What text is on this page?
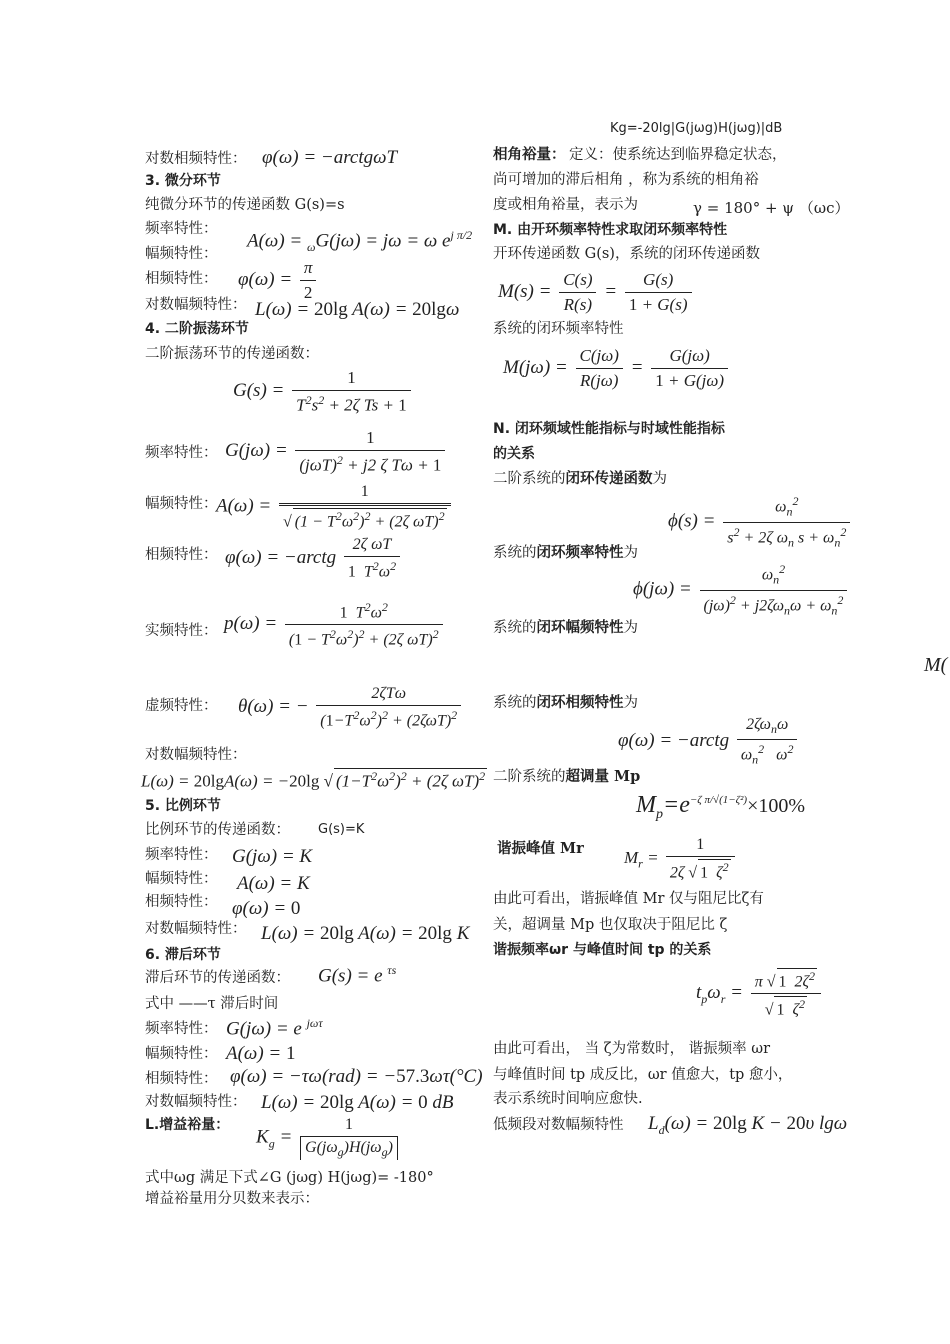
对数相频特性： φ(ω) = −arctgωT
3. 微分环节
纯微分环节的传递函数 G(s)=s
频率特性：
幅频特性：
A(ω) = $_\omega$G(jω) = jω = ω $e^{j \pi/2}$
相频特性： $\varphi(\omega) = \frac{\pi}{2}$
对数幅频特性： L(ω) = 20lg A(ω) = 20lgω
4. 二阶振荡环节
二阶振荡环节的传递函数：
$G(s) = \frac{1}{T^2s^2 + 2\zeta Ts + 1}$
频率特性： $G(j\omega) = \frac{1}{(j\omega T)^2 + j2 \zeta T\omega + 1}$
幅频特性：
$A(\omega) = \frac{1}{√ (1 - T^2\omega^2)^2 + (2\zeta \omega T)^2}$
相频特性： φ(ω) = −arctg $\frac{\text{2ζ ωT}}{1 T^2\omega^2}$
实频特性： $p(\omega) = \frac{1 T^2\omega^2}{(1 - T^2\omega^2)^2 + (2\zeta \omega T)^2}$
虚频特性： θ(ω) = − $\frac{\text{2ζTω}}{(1-T^2\omega^2)^2 + (2\zeta\omega T)^2}$
对数幅频特性：
L(ω) = 20lgA(ω) = −20lg √ $(1-T^2\omega^2)^2 + (2\zeta$ ωT)$^2$
5. 比例环节
比例环节的传递函数： G(s)=K
频率特性： G(jω) = K
幅频特性： A(ω) = K
相频特性： φ(ω) = 0
对数幅频特性： L(ω) = 20lg A(ω) = 20lg K
6. 滞后环节
滞后环节的传递函数： G(s) = e $^{\tau s}$
式中 ——τ 滞后时间
频率特性： G(jω) = e $^{j\omega\tau}$
幅频特性： A(ω) = 1
相频特性： φ(ω) = −τω(rad) = −57.3ωτ(°C)
对数幅频特性： L(ω) = 20lg A(ω) = 0 dB
L.增益裕量：
$K_g = \frac{1}{G(j\omega_g)H(j\omega_g)}$
式中ωg 满足下式∠G (jωg) H(jωg)= -180°
增益裕量用分贝数来表示：
Kg=-20lg|G(jωg)H(jωg)|dB
相角裕量： 定义：使系统达到临界稳定状态，
尚可增加的滞后相角 ，称为系统的相角裕
度或相角裕量，表示为	γ = 180° + ψ （ωc）
M. 由开环频率特性求取闭环频率特性
开环传递函数 G(s)，系统的闭环传递函数
$M(s) = \frac{C(s)}{R(s)} = \frac{G(s)}{1 + G(s)}$
系统的闭环频率特性
$M(j\omega) = \frac{C(j\omega)}{R(j\omega)} = \frac{G(j\omega)}{1 + G(j\omega)}$
N. 闭环频域性能指标与时域性能指标
的关系
二阶系统的闭环传递函数为
$\phi(s) = \frac{\omega_n^2}{s^2 + 2\zeta \omega_n s + \omega_n^2}$
系统的闭环频率特性为
$\phi(j\omega) = \frac{\omega_n^2}{(j\omega)^2 + j2\zeta\omega_n\omega + \omega_n^2}$
系统的闭环幅频特性为
M(
系统的闭环相频特性为
φ(ω) = −arctg $\frac{2\zeta\omega_n\omega}{\omega_n^2 \omega^2}$
二阶系统的超调量 Mp
$M_p=e^{-\zeta \pi/√(1-\zeta^2)}\times 100\%$
谐振峰值 Mr $M_r = \frac{1}{2\zeta √ 1 \zeta^2}$
由此可看出，谐振峰值 Mr 仅与阻尼比ζ有
关，超调量 Mp 也仅取决于阻尼比 ζ
谐振频率ωr 与峰值时间 tp 的关系
$t_p\omega_r = \frac{\pi √ 1 2\zeta^2}{√ 1 \zeta^2}$
由此可看出， 当 ζ为常数时， 谐振频率 ωr
与峰值时间 tp 成反比，ωr 值愈大，tp 愈小，
表示系统时间响应愈快.
低频段对数幅频特性 $L_d(\omega) = 20\lg$ K − 20υ lgω
